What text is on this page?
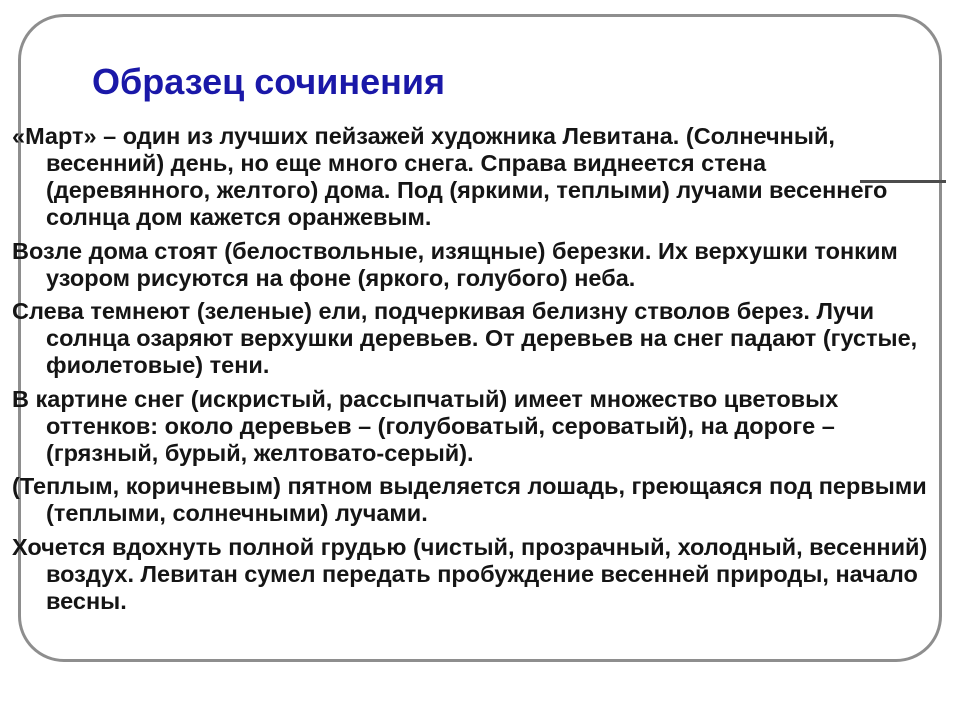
Образец сочинения

«Март» – один из лучших пейзажей художника Левитана. (Солнечный, весенний) день, но еще много снега. Справа виднеется стена (деревянного, желтого) дома. Под (яркими, теплыми) лучами весеннего солнца дом кажется оранжевым.

Возле дома стоят (белоствольные, изящные) березки. Их верхушки тонким узором рисуются на фоне (яркого, голубого) неба.

Слева темнеют (зеленые) ели, подчеркивая белизну стволов берез. Лучи солнца озаряют верхушки деревьев. От деревьев на снег падают (густые, фиолетовые) тени.

В картине снег (искристый, рассыпчатый) имеет множество цветовых оттенков: около деревьев – (голубоватый, сероватый), на дороге – (грязный, бурый, желтовато-серый).

(Теплым, коричневым) пятном выделяется лошадь, греющаяся под первыми (теплыми, солнечными) лучами.

Хочется вдохнуть полной грудью (чистый, прозрачный, холодный, весенний) воздух. Левитан сумел передать пробуждение весенней природы, начало весны.
